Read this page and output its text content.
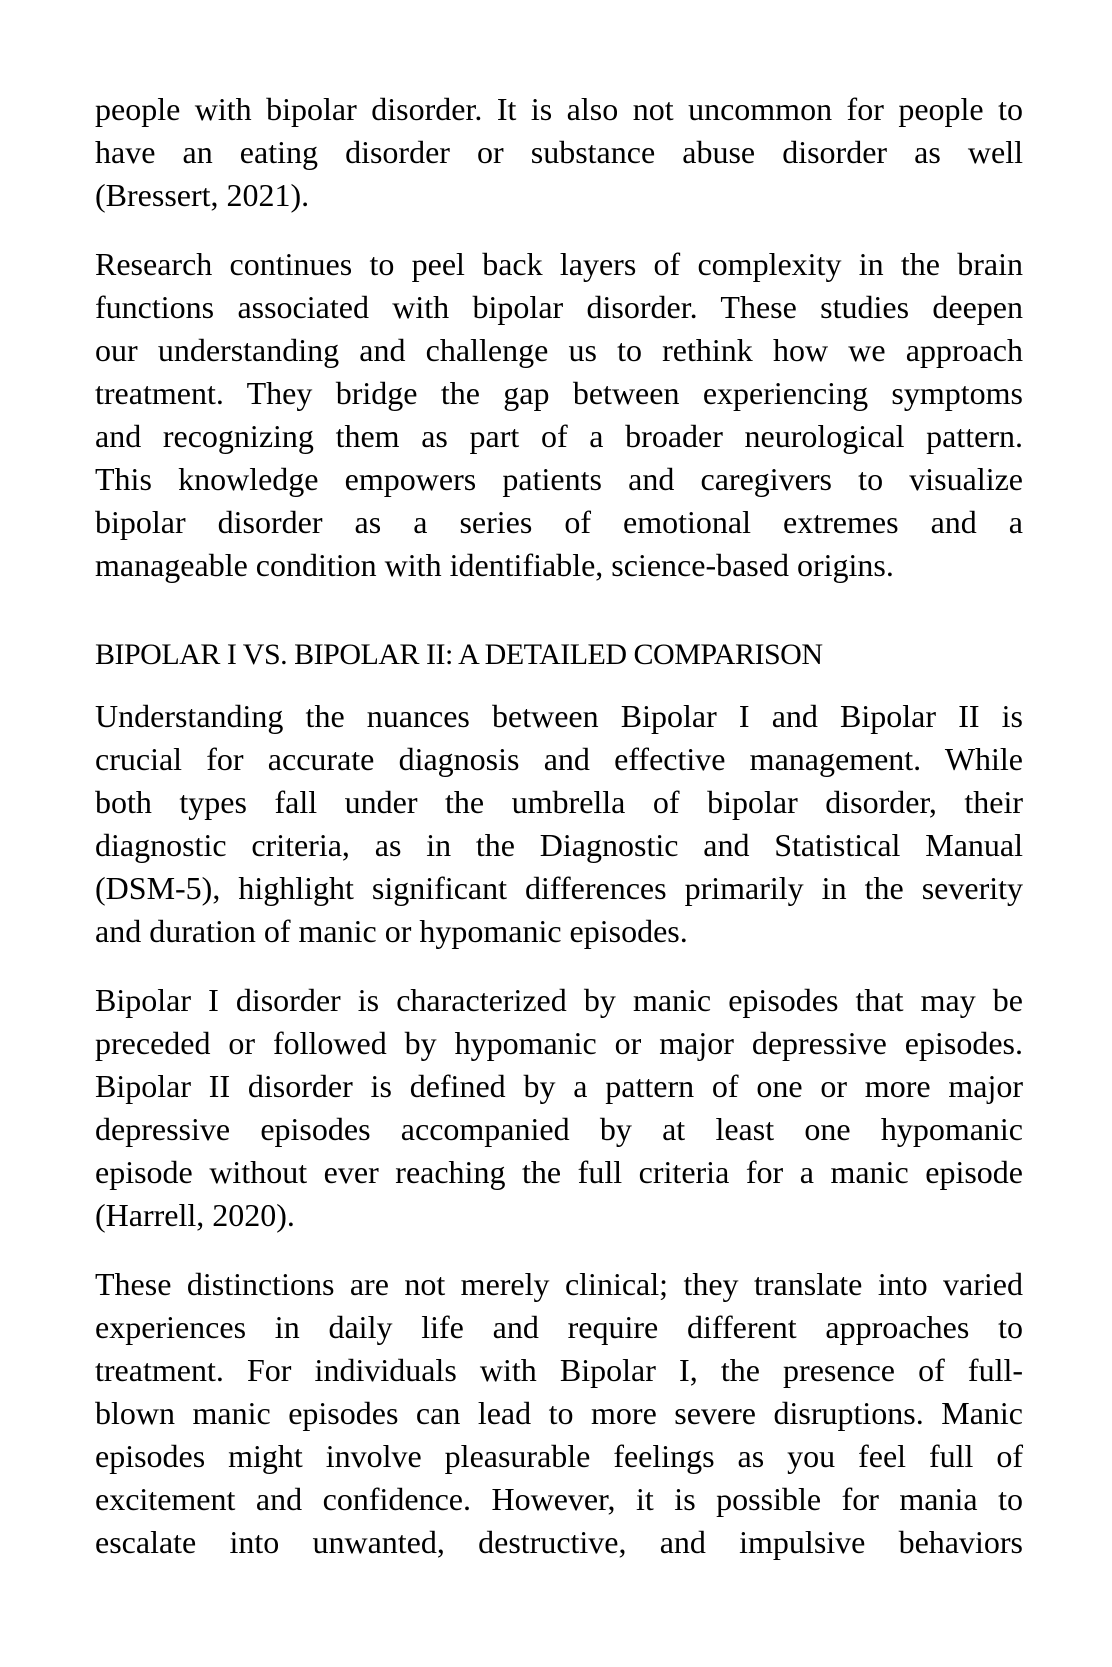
people with bipolar disorder. It is also not uncommon for people to
have an eating disorder or substance abuse disorder as well
(Bressert, 2021).
Research continues to peel back layers of complexity in the brain
functions associated with bipolar disorder. These studies deepen
our understanding and challenge us to rethink how we approach
treatment. They bridge the gap between experiencing symptoms
and recognizing them as part of a broader neurological pattern.
This knowledge empowers patients and caregivers to visualize
bipolar disorder as a series of emotional extremes and a
manageable condition with identifiable, science-based origins.
BIPOLAR I VS. BIPOLAR II: A DETAILED COMPARISON
Understanding the nuances between Bipolar I and Bipolar II is
crucial for accurate diagnosis and effective management. While
both types fall under the umbrella of bipolar disorder, their
diagnostic criteria, as in the Diagnostic and Statistical Manual
(DSM-5), highlight significant differences primarily in the severity
and duration of manic or hypomanic episodes.
Bipolar I disorder is characterized by manic episodes that may be
preceded or followed by hypomanic or major depressive episodes.
Bipolar II disorder is defined by a pattern of one or more major
depressive episodes accompanied by at least one hypomanic
episode without ever reaching the full criteria for a manic episode
(Harrell, 2020).
These distinctions are not merely clinical; they translate into varied
experiences in daily life and require different approaches to
treatment. For individuals with Bipolar I, the presence of full-
blown manic episodes can lead to more severe disruptions. Manic
episodes might involve pleasurable feelings as you feel full of
excitement and confidence. However, it is possible for mania to
escalate into unwanted, destructive, and impulsive behaviors
